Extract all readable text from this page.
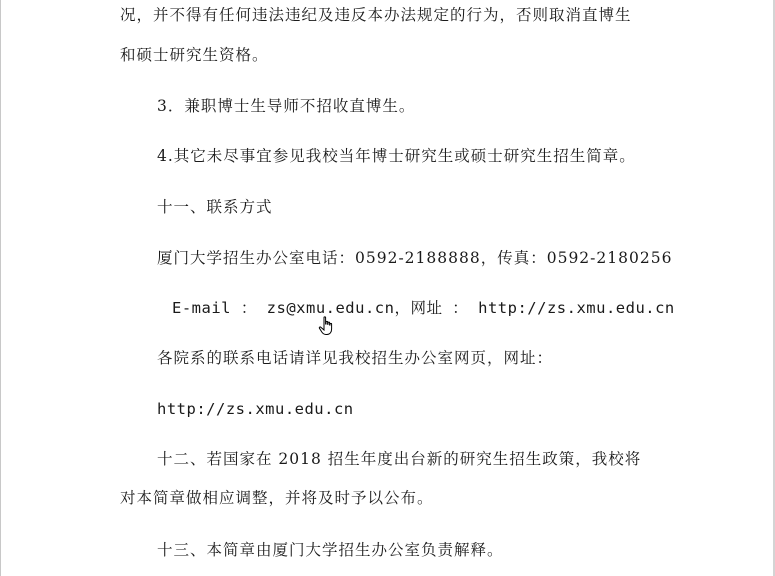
况，并不得有任何违法违纪及违反本办法规定的行为，否则取消直博生
和硕士研究生资格。
3．兼职博士生导师不招收直博生。
4.其它未尽事宜参见我校当年博士研究生或硕士研究生招生简章。
十一、联系方式
厦门大学招生办公室电话：0592-2188888，传真：0592-2180256
E-mail ： zs@xmu.edu.cn，网址 ： http://zs.xmu.edu.cn
各院系的联系电话请详见我校招生办公室网页，网址：
http://zs.xmu.edu.cn
十二、若国家在 2018 招生年度出台新的研究生招生政策，我校将
对本简章做相应调整，并将及时予以公布。
十三、本简章由厦门大学招生办公室负责解释。
